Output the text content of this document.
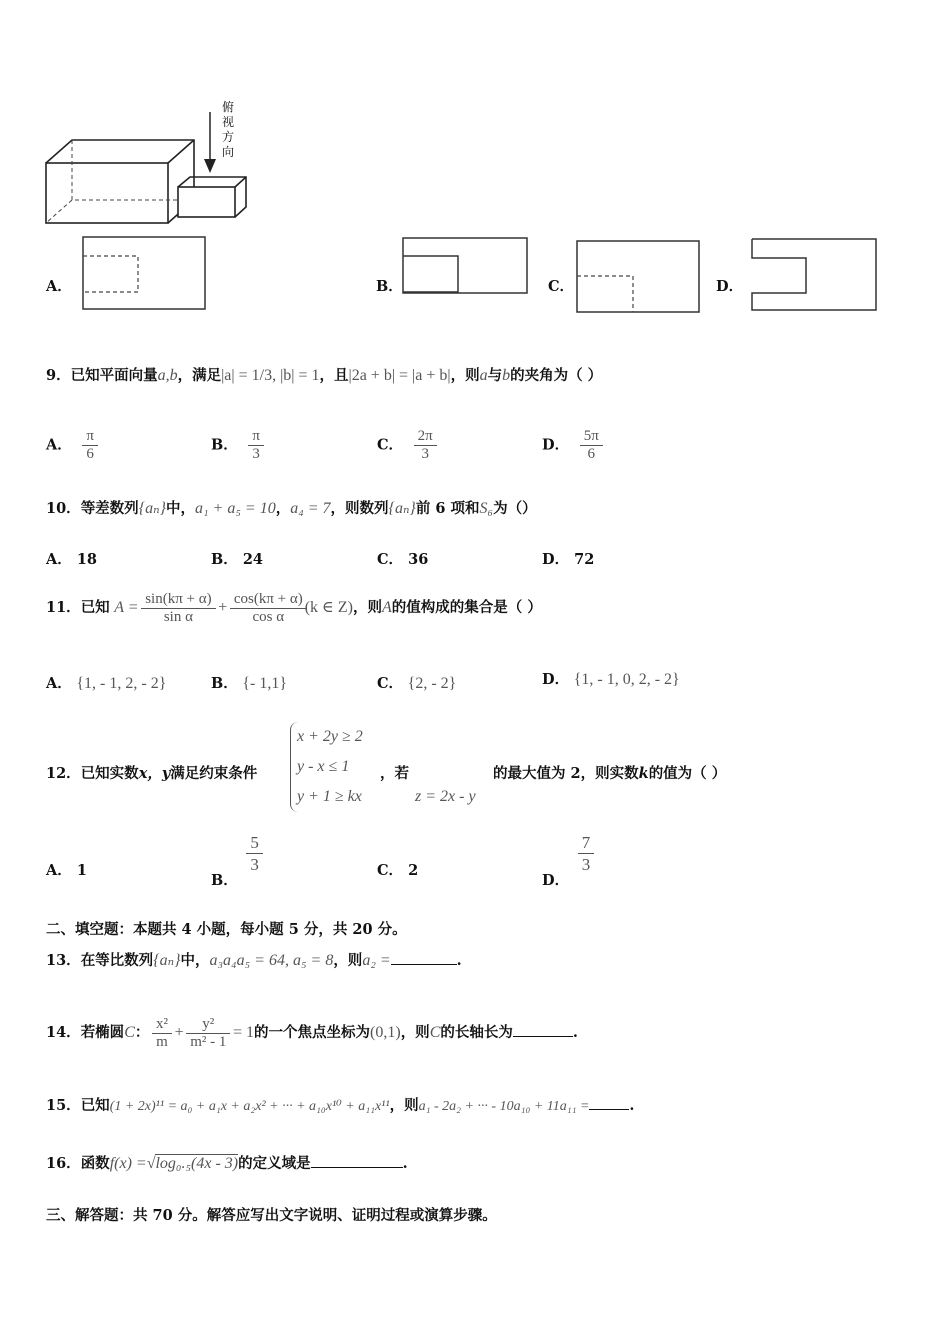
俯
视
方
向
A．	B．	C．	D．
9．已知平面向量a,b，满足|a| = 1/3, |b| = 1，且|2a + b| = |a + b|，则a与b的夹角为（ ）
A． $\frac{\pi}{6}$	B． $\frac{\pi}{3}$	C． $\frac{2\pi}{3}$	D． $\frac{5\pi}{6}$
10．等差数列{aₙ}中，a₁ + a₅ = 10，a₄ = 7，则数列{aₙ}前 6 项和S₆为（）
A． 18	B． 24	C． 36	D． 72
11．已知 $A = \frac{\sin(k\pi + \alpha)}{\text{sin α}} + \frac{\cos(k\pi + \alpha)}{\text{cos α}} (k$ ∈ Z)，则A的值构成的集合是（ ）
A． {1, - 1, 2, - 2}	B． {- 1,1}	C． {2, - 2}	D． {1, - 1, 0, 2, - 2}
12．已知实数x，y满足约束条件
x + 2y ≥ 2
y - x ≤ 1
y + 1 ≥ kx
，若
z = 2x - y
的最大值为 2，则实数k的值为（ ）
A． 1
B．
$\frac{5}{3}$	C． 2
D．
$\frac{7}{3}$
二、填空题：本题共 4 小题，每小题 5 分，共 20 分。
13．在等比数列{aₙ}中，a₃a₄a₅ = 64, a₅ = 8，则a₂ =	.
14．若椭圆C： $\frac{\text{x²}}{m} + \frac{\text{y²}}{\text{m² - 1}} = 1$的一个焦点坐标为(0,1)，则C的长轴长为	.
15．已知(1 + 2x)¹¹ = a₀ + a₁x + a₂x² + ··· + a₁₀x¹⁰ + a₁₁x¹¹，则a₁ - 2a₂ + ··· - 10a₁₀ + 11a₁₁ =	.
16．函数f(x) =√log₀.₅(4x - 3)的定义域是	.
三、解答题：共 70 分。解答应写出文字说明、证明过程或演算步骤。
